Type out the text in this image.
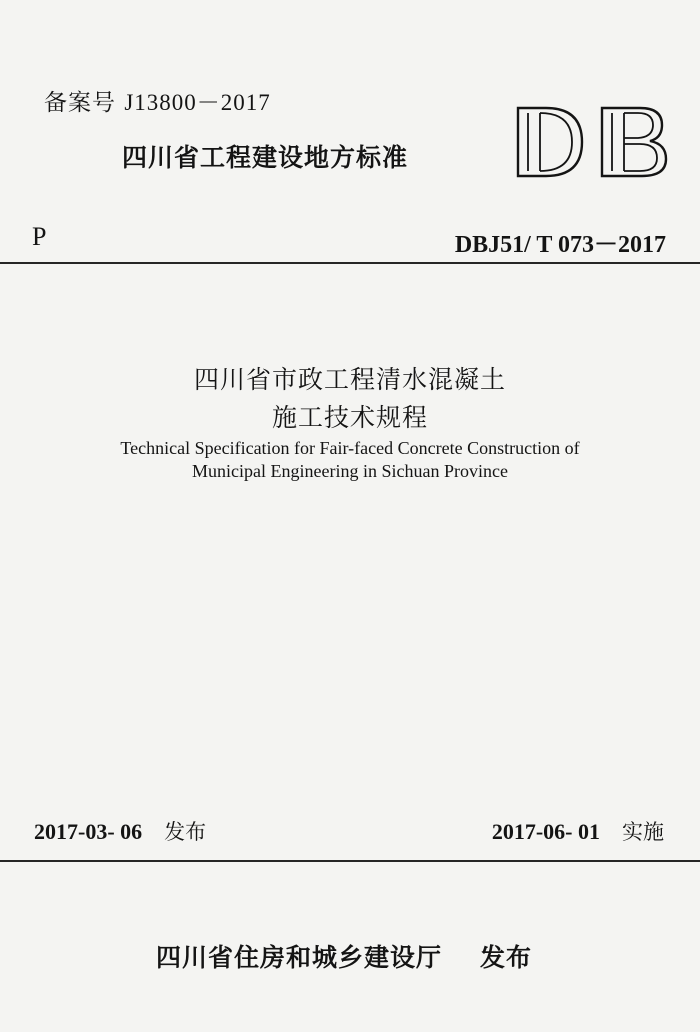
备案号 J13800－2017
四川省工程建设地方标准
P	DBJ51/ T 073－2017
四川省市政工程清水混凝土
施工技术规程
Technical Specification for Fair-faced Concrete Construction of
Municipal Engineering in Sichuan Province
2017-03- 06 发布	2017-06- 01 实施
四川省住房和城乡建设厅 发布
